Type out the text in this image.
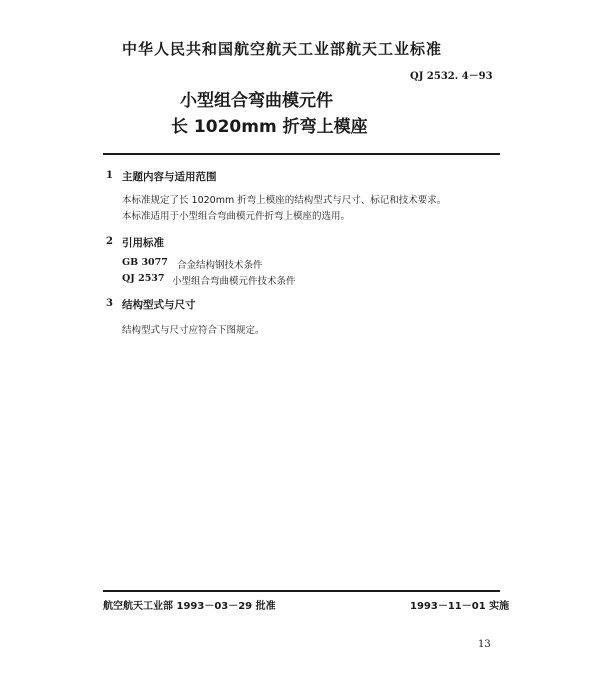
中华人民共和国航空航天工业部航天工业标准
QJ 2532. 4－93
小型组合弯曲模元件
长 1020mm 折弯上模座
1 主题内容与适用范围
本标准规定了长 1020mm 折弯上模座的结构型式与尺寸、标记和技术要求。
本标准适用于小型组合弯曲模元件折弯上模座的选用。
2 引用标准
GB 3077 合金结构钢技术条件
QJ 2537 小型组合弯曲模元件技术条件
3 结构型式与尺寸
结构型式与尺寸应符合下图规定。
航空航天工业部 1993－03－29 批准	1993－11－01 实施
13
